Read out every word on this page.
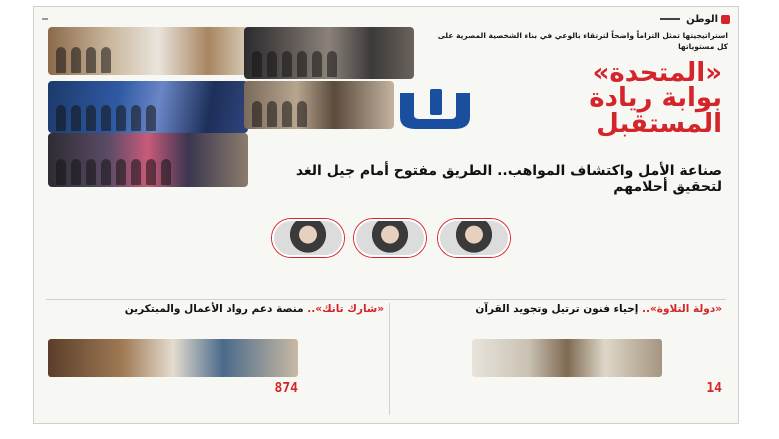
الوطن
استراتيجيتها تمثل التزاماً واضحاً لترتقاء بالوعي في بناء الشخصية المصرية على كل مستوياتها
«المتحدة»
بوابة ريادة
المستقبل

صناعة الأمل واكتشاف المواهب.. الطريق مفتوح أمام جيل الغد لتحقيق أحلامهم

«دولة التلاوة».. إحياء فنون ترتيل وتجويد القرآن
«شارك تانك».. منصة دعم رواد الأعمال والمبتكرين

14
874
